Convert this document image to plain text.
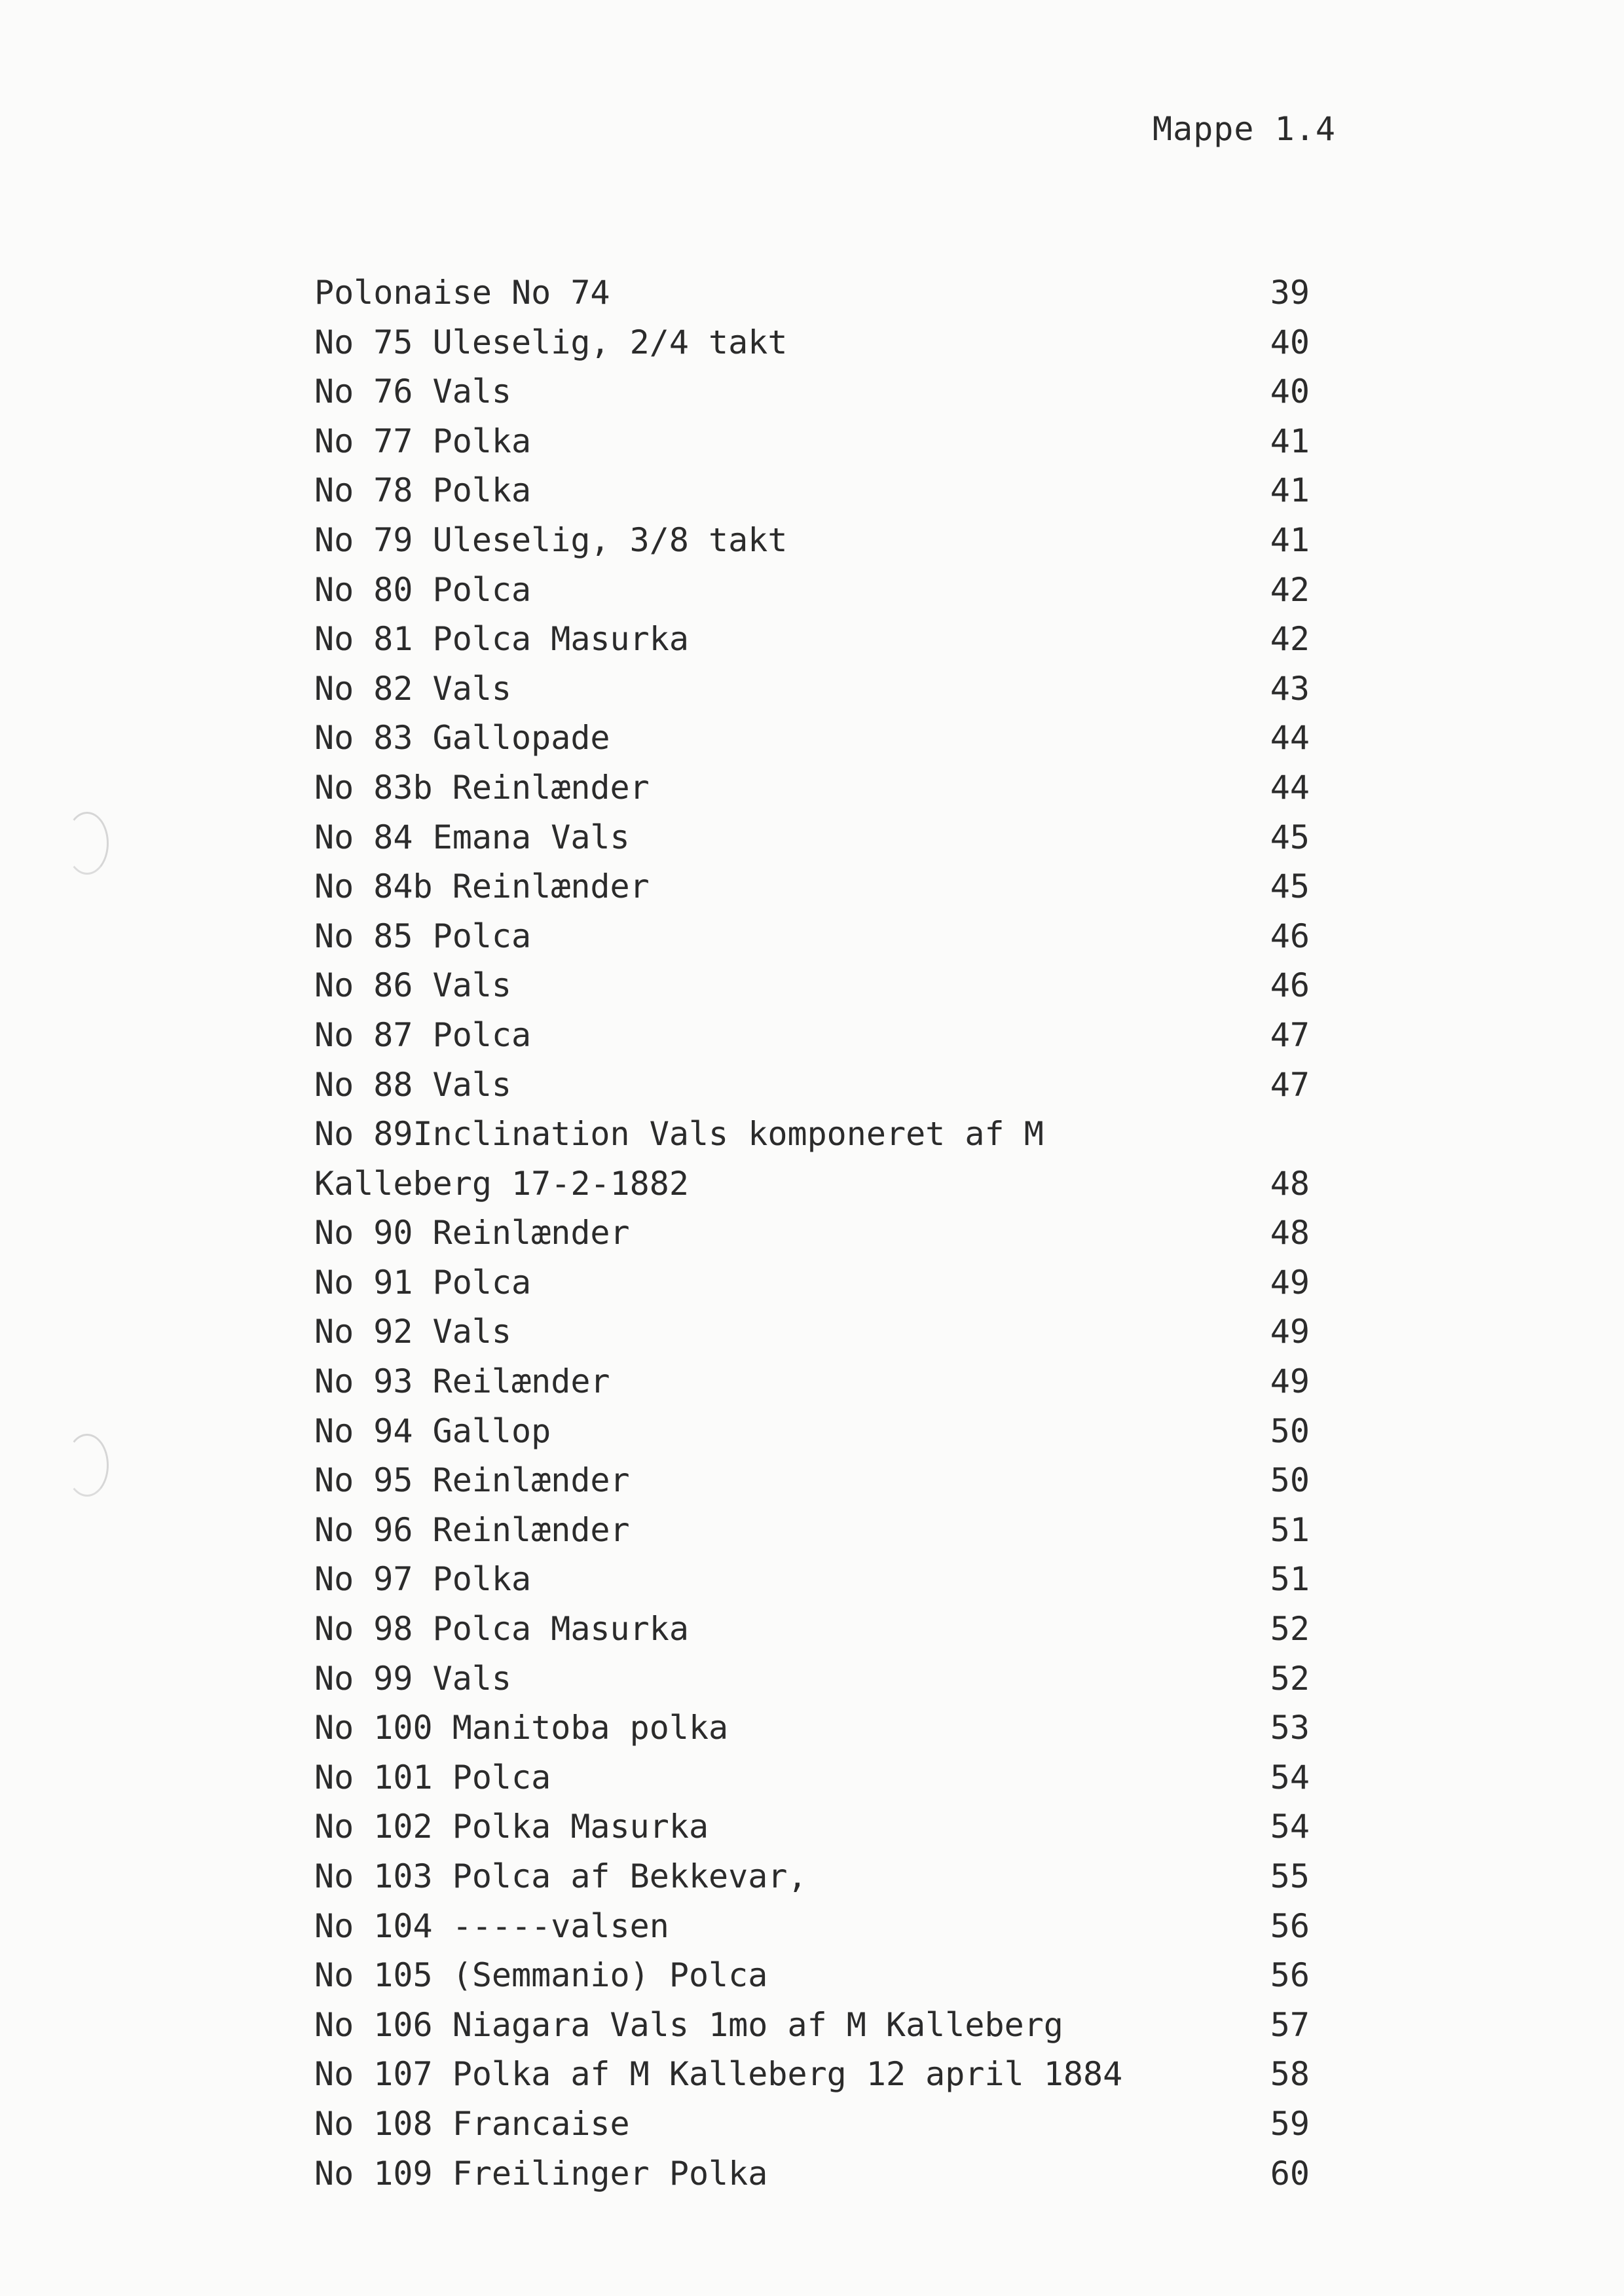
Mappe 1.4
Polonaise No 74	39
No 75 Uleselig, 2/4 takt	40
No 76 Vals	40
No 77 Polka	41
No 78 Polka	41
No 79 Uleselig, 3/8 takt	41
No 80 Polca	42
No 81 Polca Masurka	42
No 82 Vals	43
No 83 Gallopade	44
No 83b Reinlænder	44
No 84 Emana Vals	45
No 84b Reinlænder	45
No 85 Polca	46
No 86 Vals	46
No 87 Polca	47
No 88 Vals	47
No 89Inclination Vals komponeret af M
Kalleberg 17-2-1882	48
No 90 Reinlænder	48
No 91 Polca	49
No 92 Vals	49
No 93 Reilænder	49
No 94 Gallop	50
No 95 Reinlænder	50
No 96 Reinlænder	51
No 97 Polka	51
No 98 Polca Masurka	52
No 99 Vals	52
No 100 Manitoba polka	53
No 101 Polca	54
No 102 Polka Masurka	54
No 103 Polca af Bekkevar,	55
No 104 -----valsen	56
No 105 (Semmanio) Polca	56
No 106 Niagara Vals 1mo af M Kalleberg	57
No 107 Polka af M Kalleberg 12 april 1884	58
No 108 Francaise	59
No 109 Freilinger Polka	60
